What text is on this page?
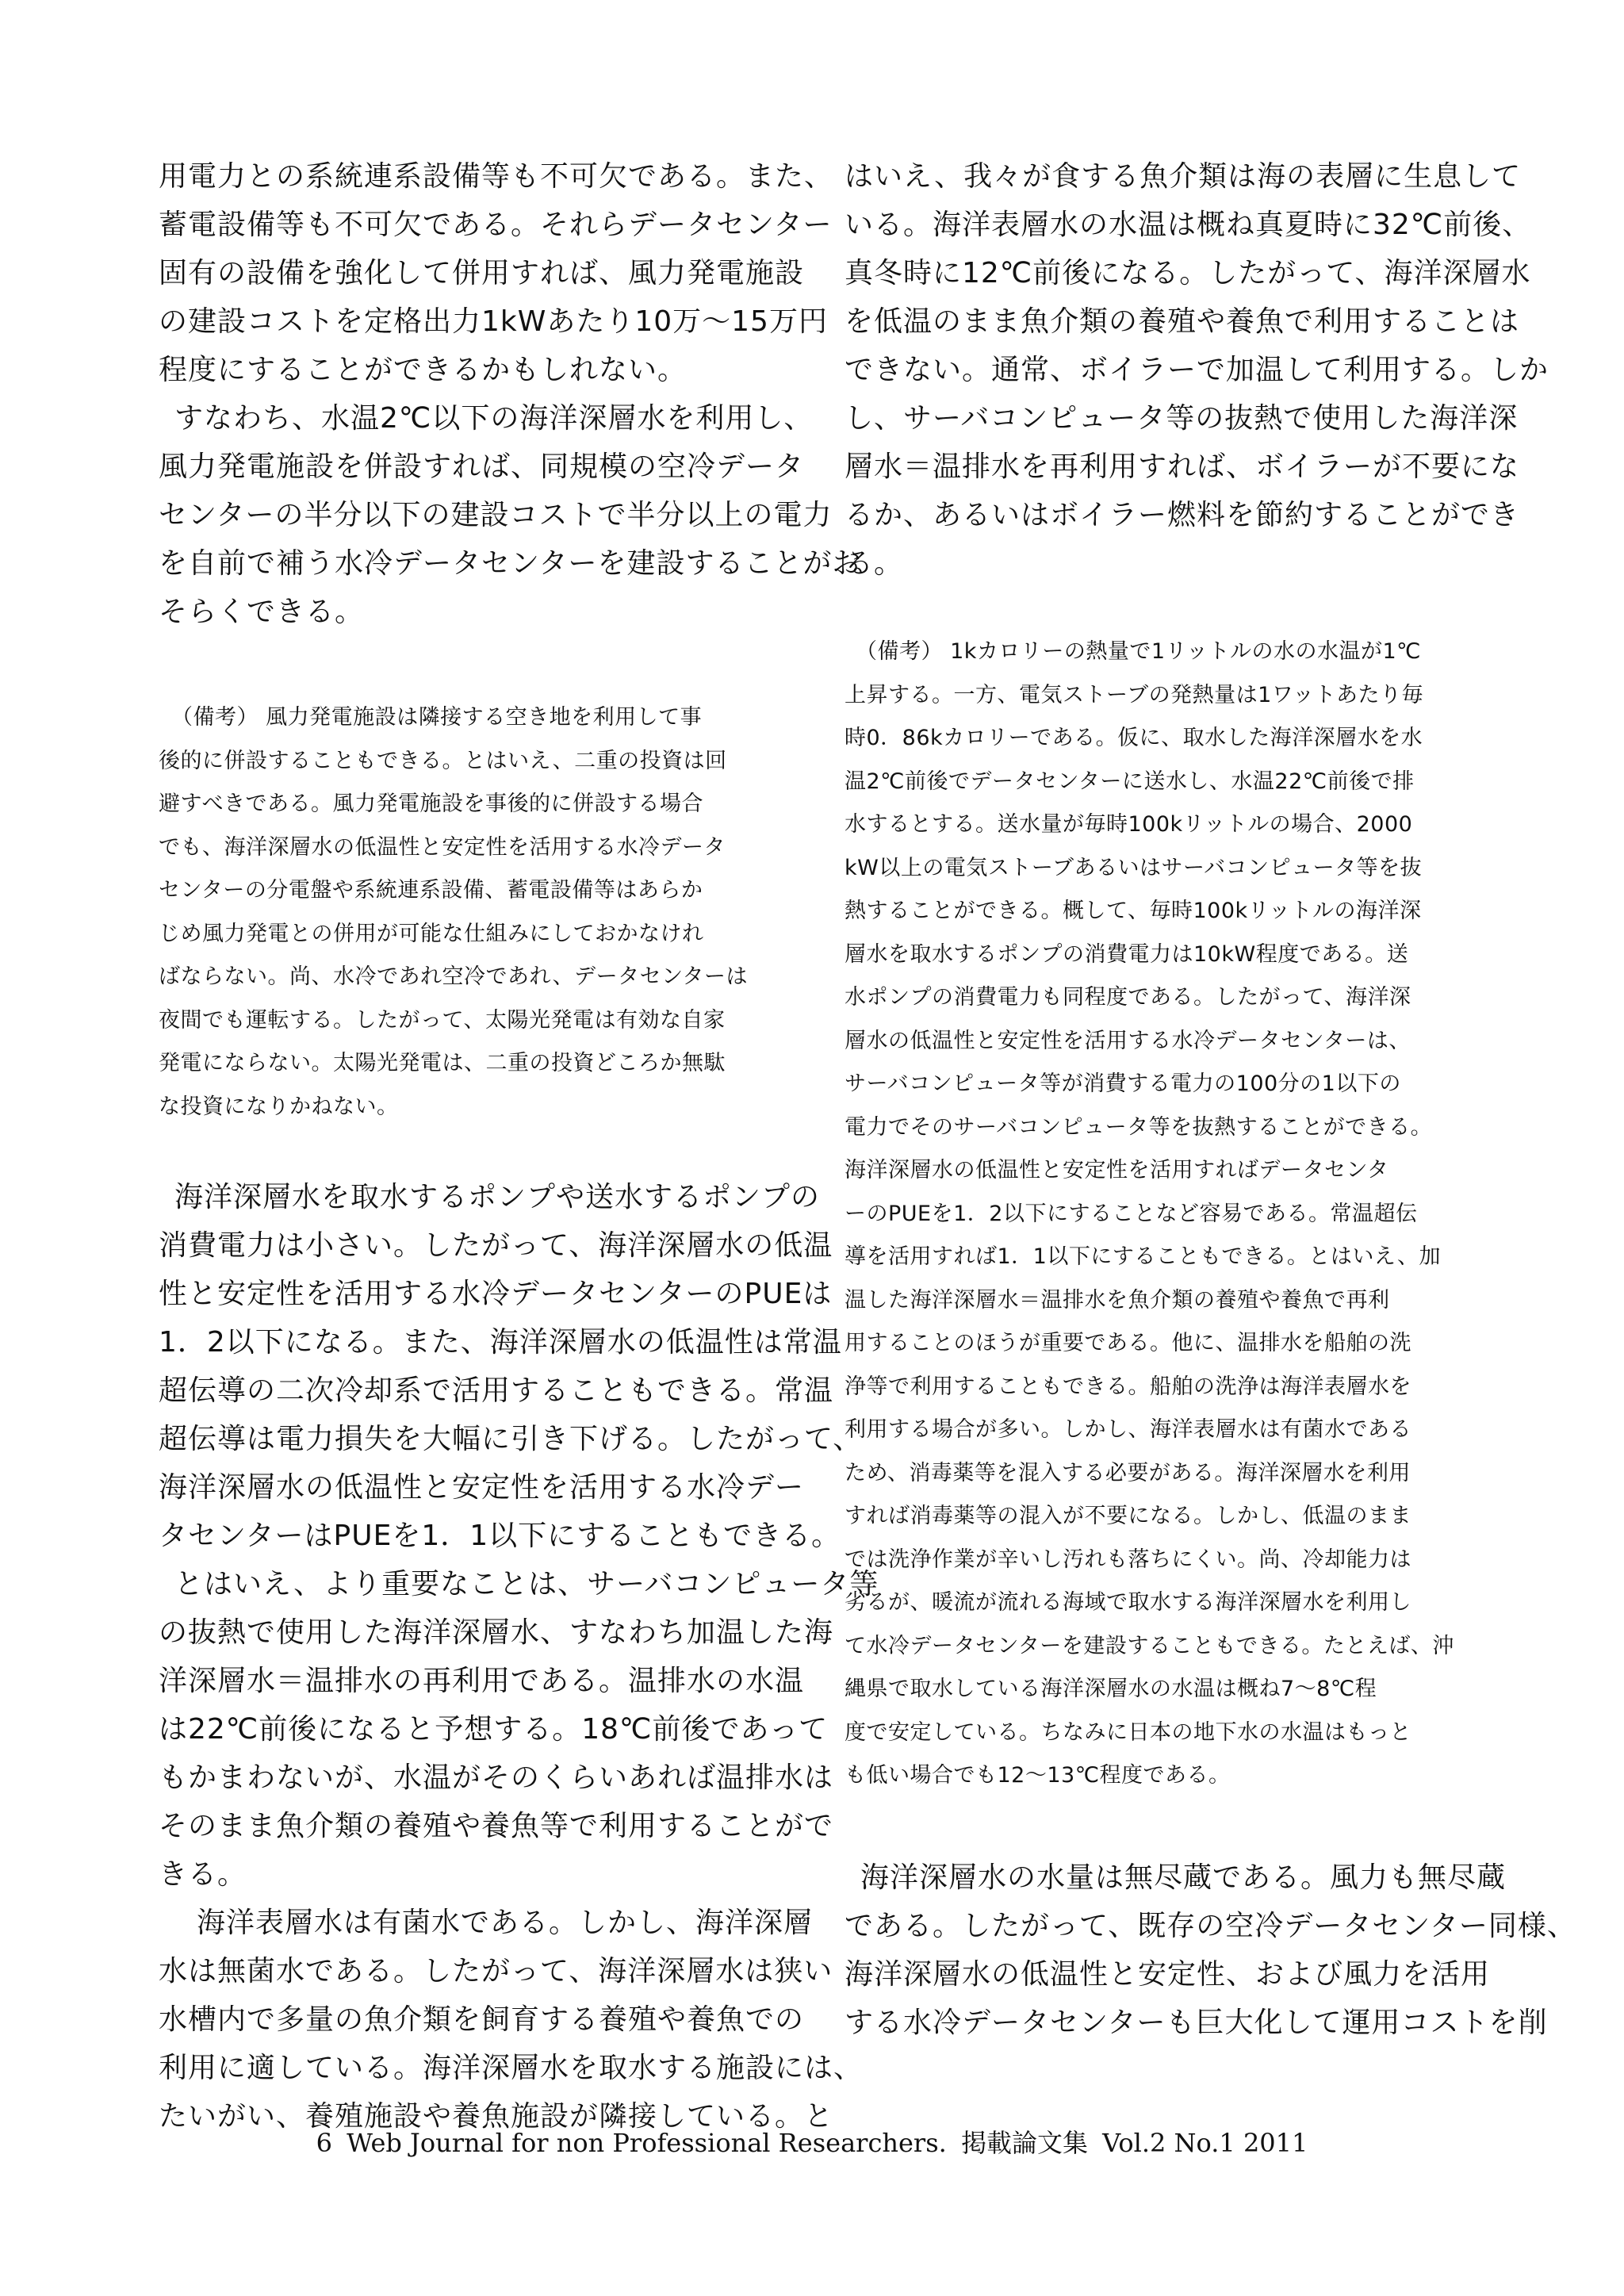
用電力との系統連系設備等も不可欠である。また、
蓄電設備等も不可欠である。それらデータセンター
固有の設備を強化して併用すれば、風力発電施設
の建設コストを定格出力1kWあたり10万～15万円
程度にすることができるかもしれない。
すなわち、水温2℃以下の海洋深層水を利用し、
風力発電施設を併設すれば、同規模の空冷データ
センターの半分以下の建設コストで半分以上の電力
を自前で補う水冷データセンターを建設することがお
そらくできる。
（備考） 風力発電施設は隣接する空き地を利用して事
後的に併設することもできる。とはいえ、二重の投資は回
避すべきである。風力発電施設を事後的に併設する場合
でも、海洋深層水の低温性と安定性を活用する水冷データ
センターの分電盤や系統連系設備、蓄電設備等はあらか
じめ風力発電との併用が可能な仕組みにしておかなけれ
ばならない。尚、水冷であれ空冷であれ、データセンターは
夜間でも運転する。したがって、太陽光発電は有効な自家
発電にならない。太陽光発電は、二重の投資どころか無駄
な投資になりかねない。
海洋深層水を取水するポンプや送水するポンプの
消費電力は小さい。したがって、海洋深層水の低温
性と安定性を活用する水冷データセンターのPUEは
1．2以下になる。また、海洋深層水の低温性は常温
超伝導の二次冷却系で活用することもできる。常温
超伝導は電力損失を大幅に引き下げる。したがって、
海洋深層水の低温性と安定性を活用する水冷デー
タセンターはPUEを1．1以下にすることもできる。
とはいえ、より重要なことは、サーバコンピュータ等
の抜熱で使用した海洋深層水、すなわち加温した海
洋深層水＝温排水の再利用である。温排水の水温
は22℃前後になると予想する。18℃前後であって
もかまわないが、水温がそのくらいあれば温排水は
そのまま魚介類の養殖や養魚等で利用することがで
きる。
海洋表層水は有菌水である。しかし、海洋深層
水は無菌水である。したがって、海洋深層水は狭い
水槽内で多量の魚介類を飼育する養殖や養魚での
利用に適している。海洋深層水を取水する施設には、
たいがい、養殖施設や養魚施設が隣接している。と
はいえ、我々が食する魚介類は海の表層に生息して
いる。海洋表層水の水温は概ね真夏時に32℃前後、
真冬時に12℃前後になる。したがって、海洋深層水
を低温のまま魚介類の養殖や養魚で利用することは
できない。通常、ボイラーで加温して利用する。しか
し、サーバコンピュータ等の抜熱で使用した海洋深
層水＝温排水を再利用すれば、ボイラーが不要にな
るか、あるいはボイラー燃料を節約することができ
る。
（備考） 1kカロリーの熱量で1リットルの水の水温が1℃
上昇する。一方、電気ストーブの発熱量は1ワットあたり毎
時0．86kカロリーである。仮に、取水した海洋深層水を水
温2℃前後でデータセンターに送水し、水温22℃前後で排
水するとする。送水量が毎時100kリットルの場合、2000
kW以上の電気ストーブあるいはサーバコンピュータ等を抜
熱することができる。概して、毎時100kリットルの海洋深
層水を取水するポンプの消費電力は10kW程度である。送
水ポンプの消費電力も同程度である。したがって、海洋深
層水の低温性と安定性を活用する水冷データセンターは、
サーバコンピュータ等が消費する電力の100分の1以下の
電力でそのサーバコンピュータ等を抜熱することができる。
海洋深層水の低温性と安定性を活用すればデータセンタ
ーのPUEを1．2以下にすることなど容易である。常温超伝
導を活用すれば1．1以下にすることもできる。とはいえ、加
温した海洋深層水＝温排水を魚介類の養殖や養魚で再利
用することのほうが重要である。他に、温排水を船舶の洗
浄等で利用することもできる。船舶の洗浄は海洋表層水を
利用する場合が多い。しかし、海洋表層水は有菌水である
ため、消毒薬等を混入する必要がある。海洋深層水を利用
すれば消毒薬等の混入が不要になる。しかし、低温のまま
では洗浄作業が辛いし汚れも落ちにくい。尚、冷却能力は
劣るが、暖流が流れる海域で取水する海洋深層水を利用し
て水冷データセンターを建設することもできる。たとえば、沖
縄県で取水している海洋深層水の水温は概ね7～8℃程
度で安定している。ちなみに日本の地下水の水温はもっと
も低い場合でも12～13℃程度である。
海洋深層水の水量は無尽蔵である。風力も無尽蔵
である。したがって、既存の空冷データセンター同様、
海洋深層水の低温性と安定性、および風力を活用
する水冷データセンターも巨大化して運用コストを削
6 Web Journal for non Professional Researchers. 掲載論文集 Vol.2 No.1 2011
